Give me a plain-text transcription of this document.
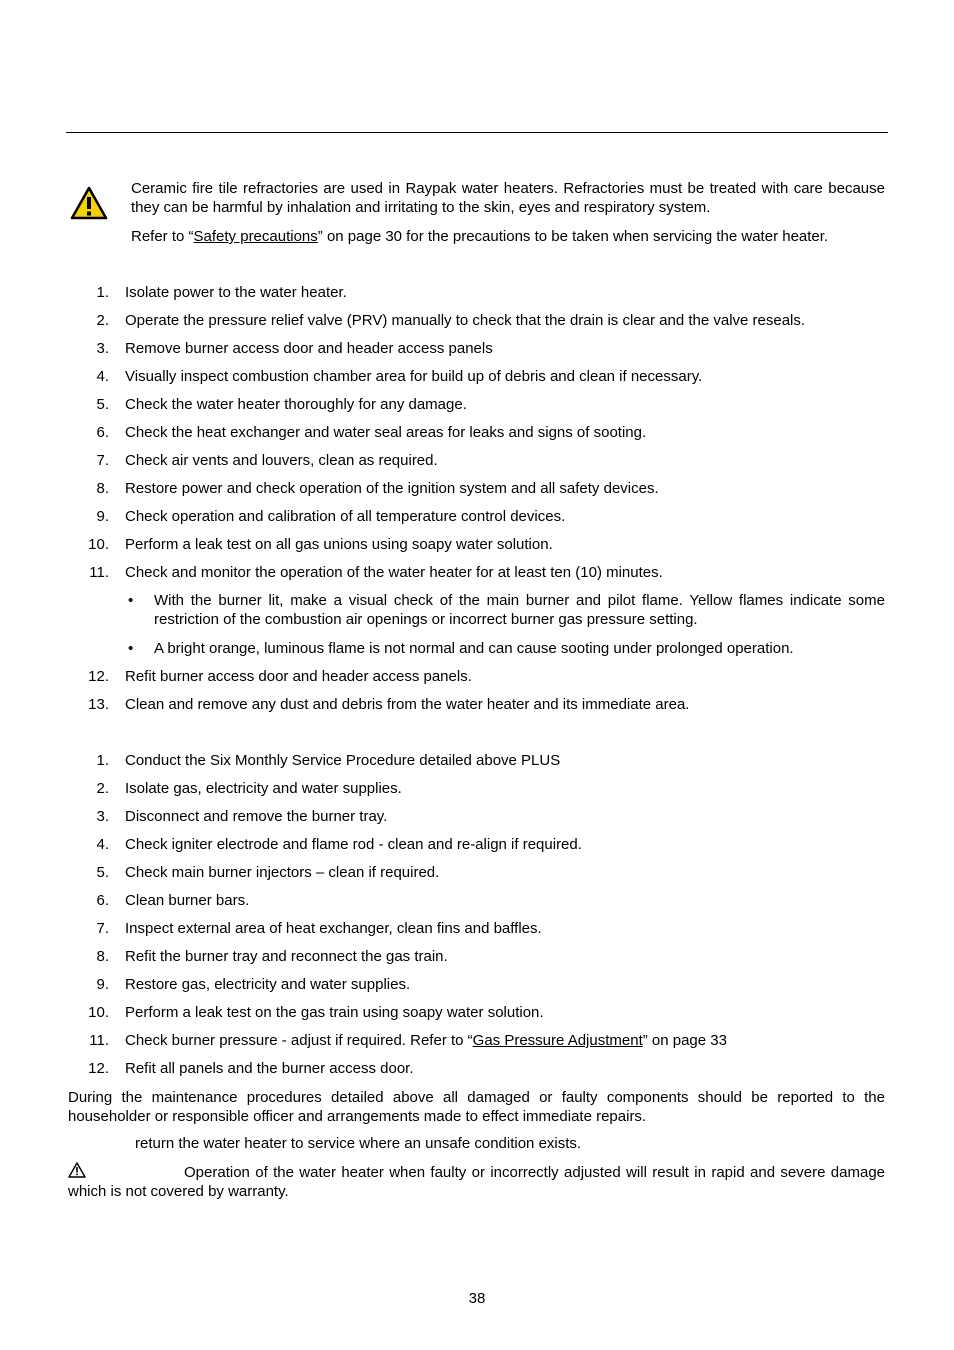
Ceramic fire tile refractories are used in Raypak water heaters. Refractories must be treated with care because they can be harmful by inhalation and irritating to the skin, eyes and respiratory system.
Refer to “Safety precautions” on page 30 for the precautions to be taken when servicing the water heater.
1. Isolate power to the water heater.
2. Operate the pressure relief valve (PRV) manually to check that the drain is clear and the valve reseals.
3. Remove burner access door and header access panels
4. Visually inspect combustion chamber area for build up of debris and clean if necessary.
5. Check the water heater thoroughly for any damage.
6. Check the heat exchanger and water seal areas for leaks and signs of sooting.
7. Check air vents and louvers, clean as required.
8. Restore power and check operation of the ignition system and all safety devices.
9. Check operation and calibration of all temperature control devices.
10. Perform a leak test on all gas unions using soapy water solution.
11. Check and monitor the operation of the water heater for at least ten (10) minutes.
• With the burner lit, make a visual check of the main burner and pilot flame. Yellow flames indicate some restriction of the combustion air openings or incorrect burner gas pressure setting.
• A bright orange, luminous flame is not normal and can cause sooting under prolonged operation.
12. Refit burner access door and header access panels.
13. Clean and remove any dust and debris from the water heater and its immediate area.
1. Conduct the Six Monthly Service Procedure detailed above PLUS
2. Isolate gas, electricity and water supplies.
3. Disconnect and remove the burner tray.
4. Check igniter electrode and flame rod - clean and re-align if required.
5. Check main burner injectors – clean if required.
6. Clean burner bars.
7. Inspect external area of heat exchanger, clean fins and baffles.
8. Refit the burner tray and reconnect the gas train.
9. Restore gas, electricity and water supplies.
10. Perform a leak test on the gas train using soapy water solution.
11. Check burner pressure - adjust if required. Refer to “Gas Pressure Adjustment” on page 33
12. Refit all panels and the burner access door.
During the maintenance procedures detailed above all damaged or faulty components should be reported to the householder or responsible officer and arrangements made to effect immediate repairs.
return the water heater to service where an unsafe condition exists.
Operation of the water heater when faulty or incorrectly adjusted will result in rapid and severe damage which is not covered by warranty.
38
